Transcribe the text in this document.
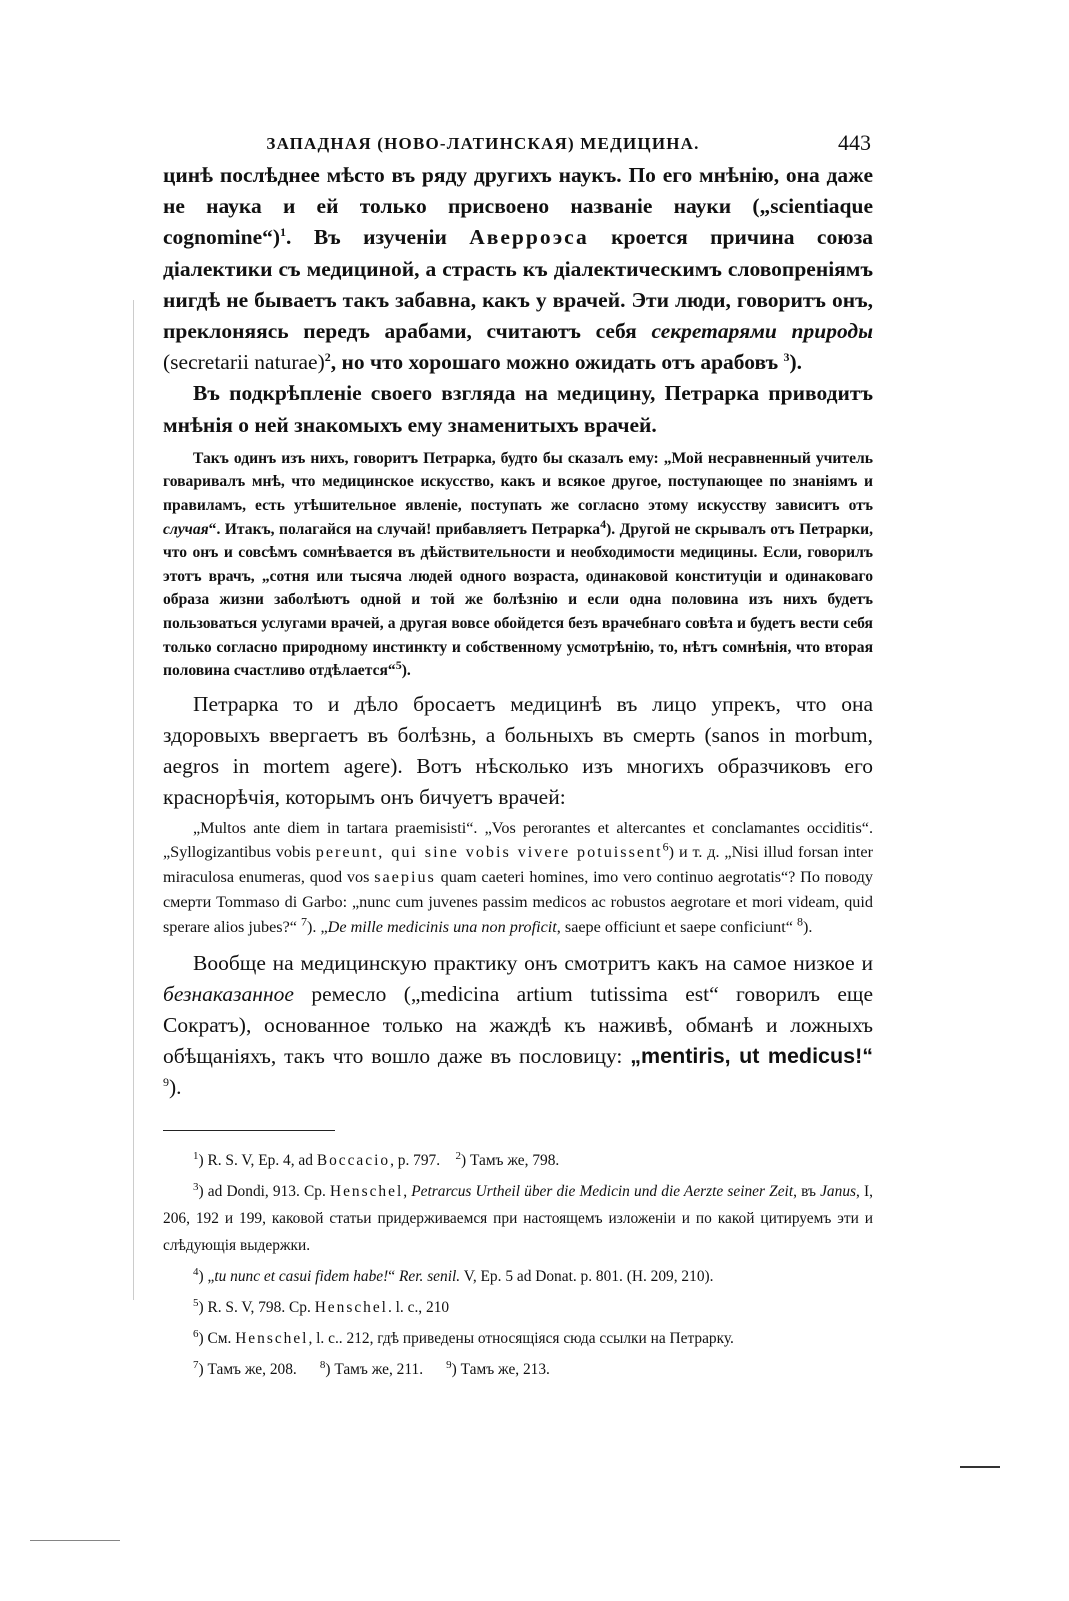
ЗАПАДНАЯ (НОВО-ЛАТИНСКАЯ) МЕДИЦИНА.	443

цинѣ послѣднее мѣсто въ ряду другихъ наукъ. По его мнѣнію, она даже не наука и ей только присвоено названіе науки („scientiaque cognomine“)$^1$. Въ изученіи Аверроэса кроется причина союза діалектики съ медициной, а страсть къ діалектическимъ словопреніямъ нигдѣ не бываетъ такъ забавна, какъ у врачей. Эти люди, говоритъ онъ, преклоняясь передъ арабами, считаютъ себя секретарями природы (secretarii naturae)$^2$, но что хорошаго можно ожидать отъ арабовъ $^3$).

Въ подкрѣпленіе своего взгляда на медицину, Петрарка приводитъ мнѣнія о ней знакомыхъ ему знаменитыхъ врачей.

Такъ одинъ изъ нихъ, говоритъ Петрарка, будто бы сказалъ ему: „Мой несравненный учитель говаривалъ мнѣ, что медицинское искусство, какъ и всякое другое, поступающее по знаніямъ и правиламъ, есть утѣшительное явленіе, поступать же согласно этому искусству зависитъ отъ случая“. Итакъ, полагайся на случай! прибавляетъ Петрарка$^4$). Другой не скрывалъ отъ Петрарки, что онъ и совсѣмъ сомнѣвается въ дѣйствительности и необходимости медицины. Если, говорилъ этотъ врачъ, „сотня или тысяча людей одного возраста, одинаковой конституціи и одинаковаго образа жизни заболѣютъ одной и той же болѣзнію и если одна половина изъ нихъ будетъ пользоваться услугами врачей, а другая вовсе обойдется безъ врачебнаго совѣта и будетъ вести себя только согласно природному инстинкту и собственному усмотрѣнію, то, нѣтъ сомнѣнія, что вторая половина счастливо отдѣлается“$^5$).

Петрарка то и дѣло бросаетъ медицинѣ въ лицо упрекъ, что она здоровыхъ ввергаетъ въ болѣзнь, а больныхъ въ смерть (sanos in morbum, aegros in mortem agere). Вотъ нѣсколько изъ многихъ образчиковъ его краснорѣчія, которымъ онъ бичуетъ врачей:

„Multos ante diem in tartara praemisisti“. „Vos perorantes et altercantes et conclamantes occiditis“. „Syllogizantibus vobis pereunt, qui sine vobis vivere potuissent$^6$) и т. д. „Nisi illud forsan inter miraculosa enumeras, quod vos saepius quam caeteri homines, imo vero continuo aegrotatis“? По поводу смерти Tommaso di Garbo: „nunc cum juvenes passim medicos ac robustos aegrotare et mori videam, quid sperare alios jubes?“ $^7$). „De mille medicinis una non proficit, saepe officiunt et saepe conficiunt“ $^8$).

Вообще на медицинскую практику онъ смотритъ какъ на самое низкое и безнаказанное ремесло („medicina artium tutissima est“ говорилъ еще Сократъ), основанное только на жаждѣ къ наживѣ, обманѣ и ложныхъ обѣщаніяхъ, такъ что вошло даже въ пословицу: „mentiris, ut medicus!“ $^9$).

$^1$) R. S. V, Ep. 4, ad Boccacio, p. 797. $^2$) Тамъ же, 798.

$^3$) ad Dondi, 913. Ср. Henschel, Petrarcus Urtheil über die Medicin und die Aerzte seiner Zeit, въ Janus, I, 206, 192 и 199, каковой статьи придерживаемся при настоящемъ изложеніи и по какой цитируемъ эти и слѣдующія выдержки.

$^4$) „tu nunc et casui fidem habe!“ Rer. senil. V, Ep. 5 ad Donat. p. 801. (H. 209, 210).
$^5$) R. S. V, 798. Ср. Henschel. l. c., 210
$^6$) См. Henschel, l. c.. 212, гдѣ приведены относящіяся сюда ссылки на Петрарку.
$^7$) Тамъ же, 208. $^8$) Тамъ же, 211. $^9$) Тамъ же, 213.
